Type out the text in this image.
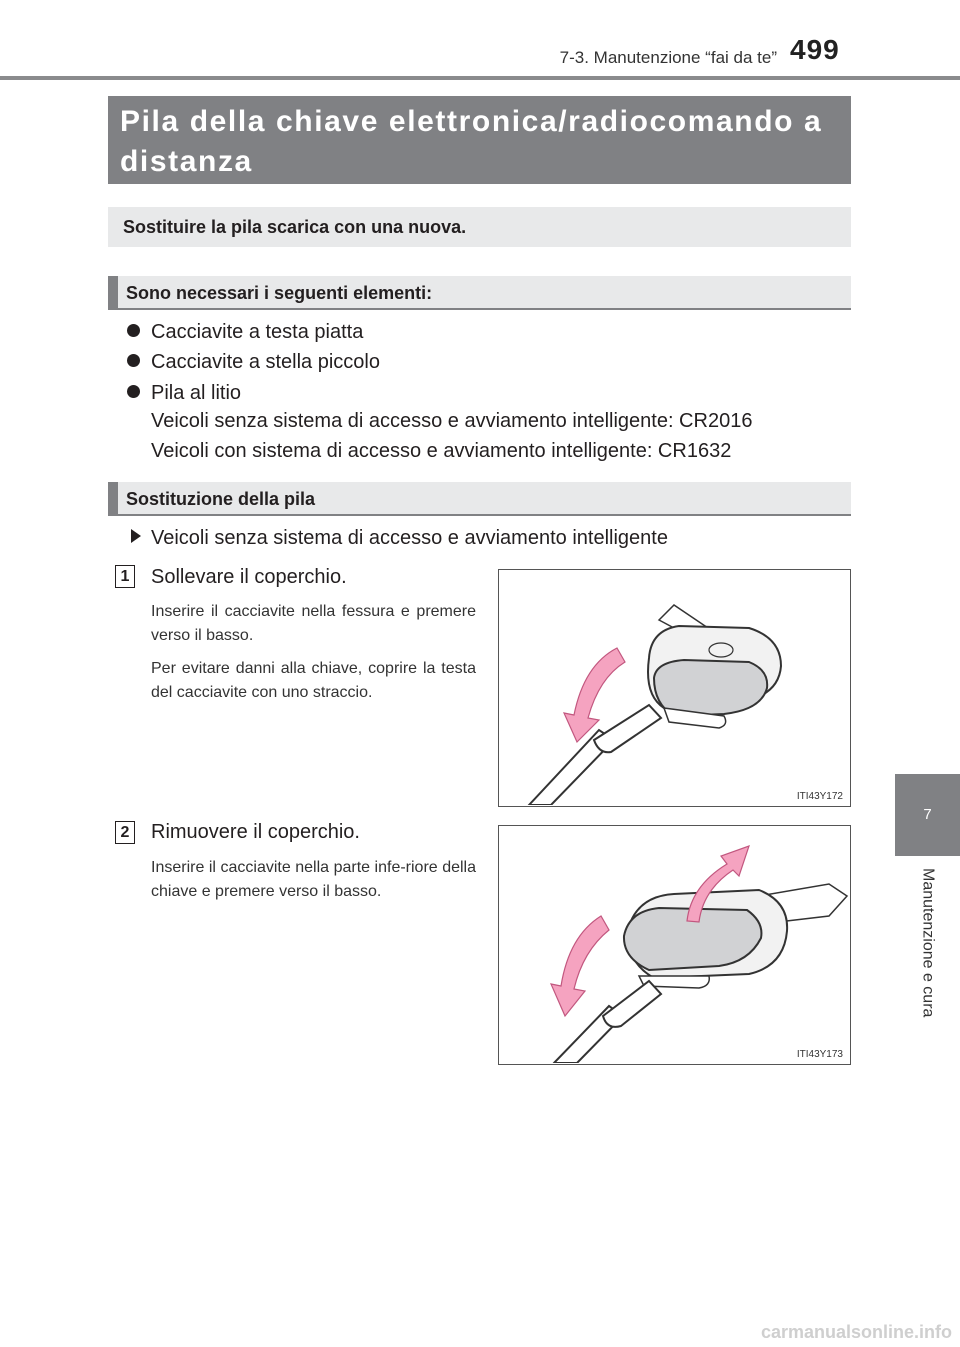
7-3. Manutenzione “fai da te” 499
Pila della chiave elettronica/radiocomando a distanza
Sostituire la pila scarica con una nuova.
Sono necessari i seguenti elementi:
Cacciavite a testa piatta
Cacciavite a stella piccolo
Pila al litio
Veicoli senza sistema di accesso e avviamento intelligente: CR2016
Veicoli con sistema di accesso e avviamento intelligente: CR1632
Sostituzione della pila
Veicoli senza sistema di accesso e avviamento intelligente
1 Sollevare il coperchio.
Inserire il cacciavite nella fessura e premere verso il basso.
Per evitare danni alla chiave, coprire la testa del cacciavite con uno straccio.
ITI43Y172
2 Rimuovere il coperchio.
Inserire il cacciavite nella parte infe-riore della chiave e premere verso il basso.
ITI43Y173
7
Manutenzione e cura
carmanualsonline.info
